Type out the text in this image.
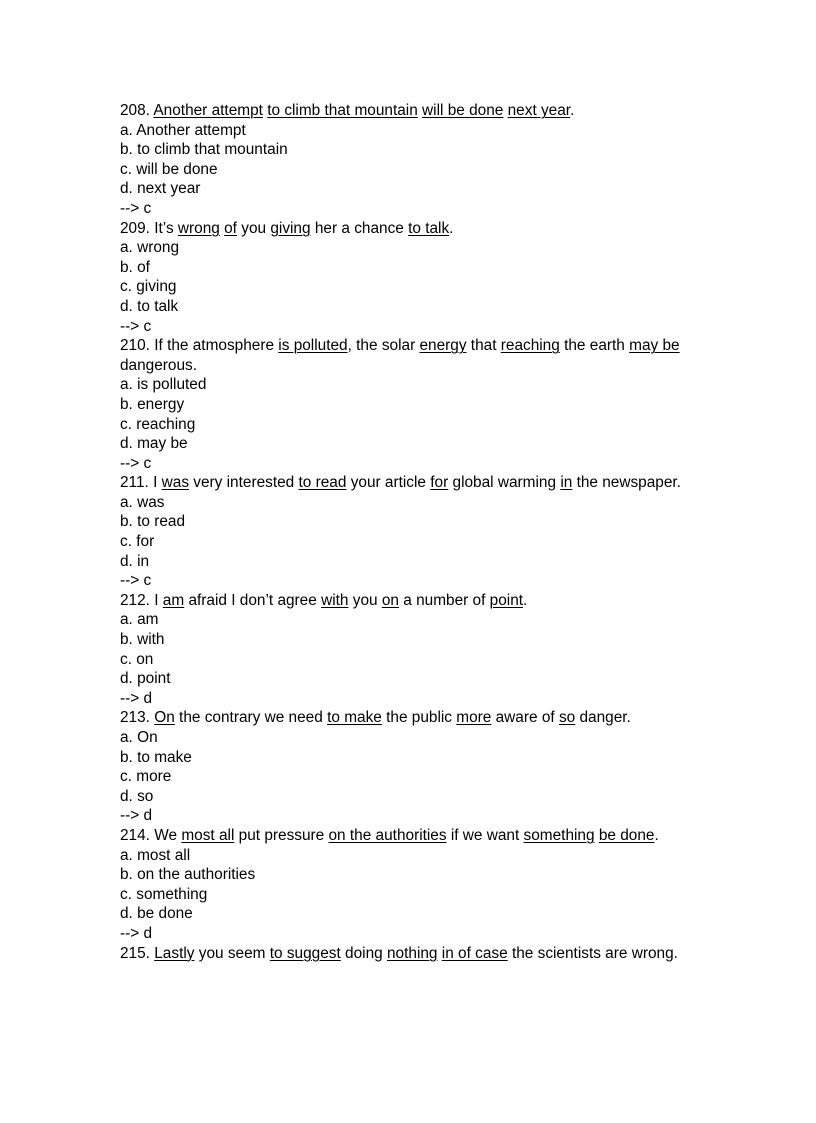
208. Another attempt to climb that mountain will be done next year.
a. Another attempt
b. to climb that mountain
c. will be done
d. next year
--> c
209. It’s wrong of you giving her a chance to talk.
a. wrong
b. of
c. giving
d. to talk
--> c
210. If the atmosphere is polluted, the solar energy that reaching the earth may be dangerous.
a. is polluted
b. energy
c. reaching
d. may be
--> c
211. I was very interested to read your article for global warming in the newspaper.
a. was
b. to read
c. for
d. in
--> c
212. I am afraid I don’t agree with you on a number of point.
a. am
b. with
c. on
d. point
--> d
213. On the contrary we need to make the public more aware of so danger.
a. On
b. to make
c. more
d. so
--> d
214. We most all put pressure on the authorities if we want something be done.
a. most all
b. on the authorities
c. something
d. be done
--> d
215. Lastly you seem to suggest doing nothing in of case the scientists are wrong.
